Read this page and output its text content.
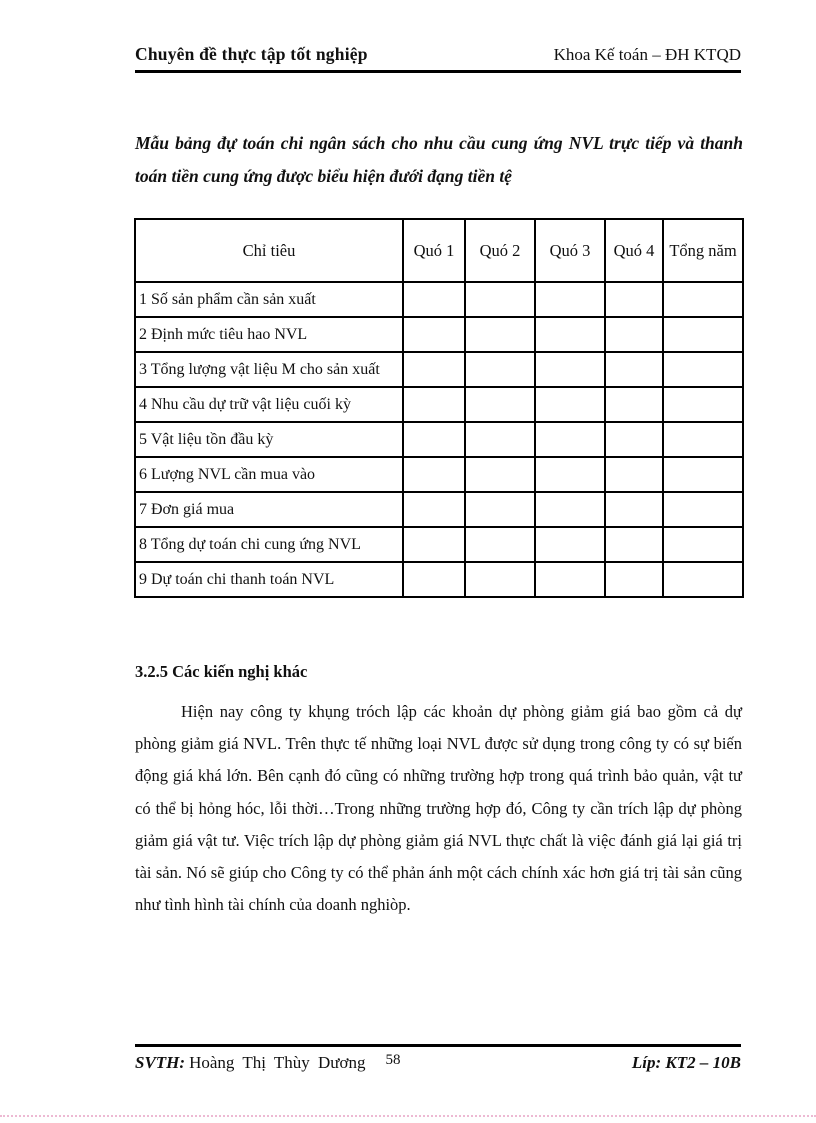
Chuyên đề thực tập tốt nghiệp	Khoa Kế toán – ĐH KTQD
Mẫu bảng đự toán chi ngân sách cho nhu cầu cung ứng NVL trực tiếp và thanh toán tiền cung ứng được biểu hiện đưới đạng tiền tệ
Chỉ tiêu	Quó 1	Quó 2	Quó 3	Quó 4	Tổng năm
1 Số sản phẩm cần sản xuất					
2 Định mức tiêu hao NVL					
3 Tổng lượng vật liệu M cho sản xuất					
4 Nhu cầu dự trữ vật liệu cuối kỳ					
5 Vật liệu tồn đầu kỳ					
6 Lượng NVL cần mua vào					
7 Đơn giá mua					
8 Tổng dự toán chi cung ứng NVL					
9 Dự toán chi thanh toán NVL					
3.2.5 Các kiến nghị khác

Hiện nay công ty khụng tróch lập các khoản dự phòng giảm giá bao gồm cả dự phòng giảm giá NVL. Trên thực tế những loại NVL được sử dụng trong công ty có sự biến động giá khá lớn. Bên cạnh đó cũng có những trường hợp trong quá trình bảo quản, vật tư có thể bị hỏng hóc, lỗi thời…Trong những trường hợp đó, Công ty cần trích lập dự phòng giảm giá vật tư. Việc trích lập dự phòng giảm giá NVL thực chất là việc đánh giá lại giá trị tài sản. Nó sẽ giúp cho Công ty có thể phản ánh một cách chính xác hơn giá trị tài sản cũng như tình hình tài chính của doanh nghiòp.

SVTH: Hoàng Thị Thùy Dương 58	Líp: KT2 – 10B
